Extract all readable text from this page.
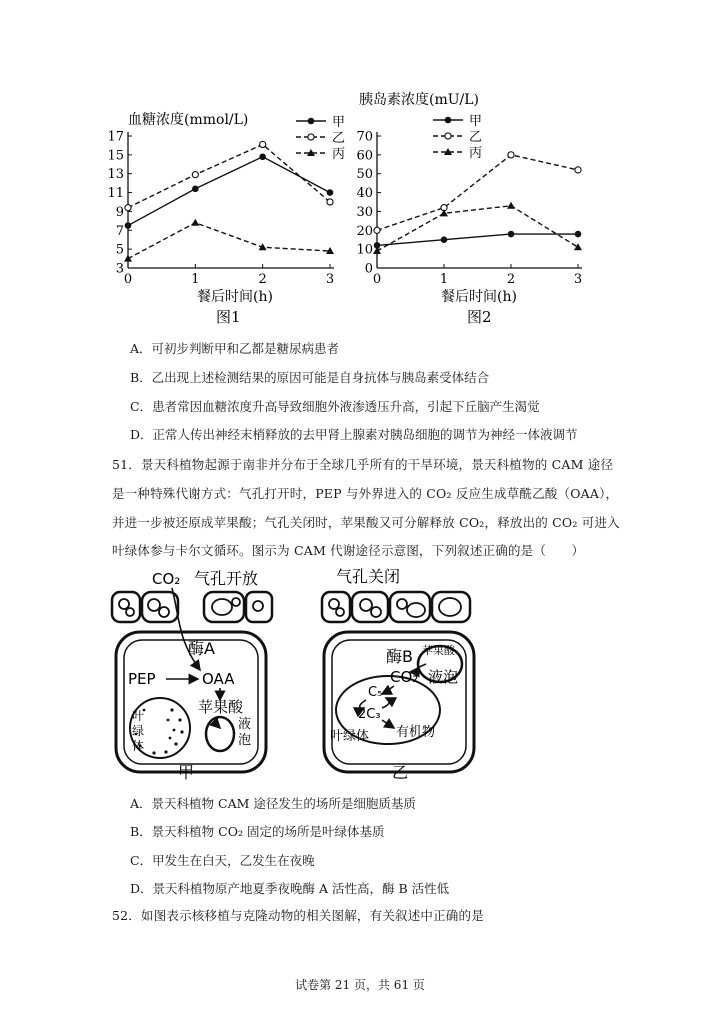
血糖浓度(mmol/L)
3
5
7
9
11
13
15
17
0	1	2	3
甲
乙
丙
餐后时间(h)
图1
胰岛素浓度(mU/L)
0
10
20
30
40
50
60
70
0	1	2	3
甲
乙
丙
餐后时间(h)
图2
A．可初步判断甲和乙都是糖尿病患者
B．乙出现上述检测结果的原因可能是自身抗体与胰岛素受体结合
C．患者常因血糖浓度升高导致细胞外液渗透压升高，引起下丘脑产生渴觉
D．正常人传出神经末梢释放的去甲肾上腺素对胰岛细胞的调节为神经一体液调节
51．景天科植物起源于南非并分布于全球几乎所有的干旱环境，景天科植物的 CAM 途径
是一种特殊代谢方式：气孔打开时，PEP 与外界进入的 CO₂ 反应生成草酰乙酸（OAA），
并进一步被还原成苹果酸；气孔关闭时，苹果酸又可分解释放 CO₂，释放出的 CO₂ 可进入
叶绿体参与卡尔文循环。图示为 CAM 代谢途径示意图，下列叙述正确的是（　　）
叶
绿
体
液
泡
CO₂ 气孔开放
酶A
PEP	OAA
苹果酸
甲
气孔关闭
酶B 苹果酸
CO₂ 液泡
C₅
2C₃
有机物
叶绿体
乙
A．景天科植物 CAM 途径发生的场所是细胞质基质
B．景天科植物 CO₂ 固定的场所是叶绿体基质
C．甲发生在白天，乙发生在夜晚
D．景天科植物原产地夏季夜晚酶 A 活性高，酶 B 活性低
52．如图表示核移植与克隆动物的相关图解，有关叙述中正确的是
试卷第 21 页，共 61 页
